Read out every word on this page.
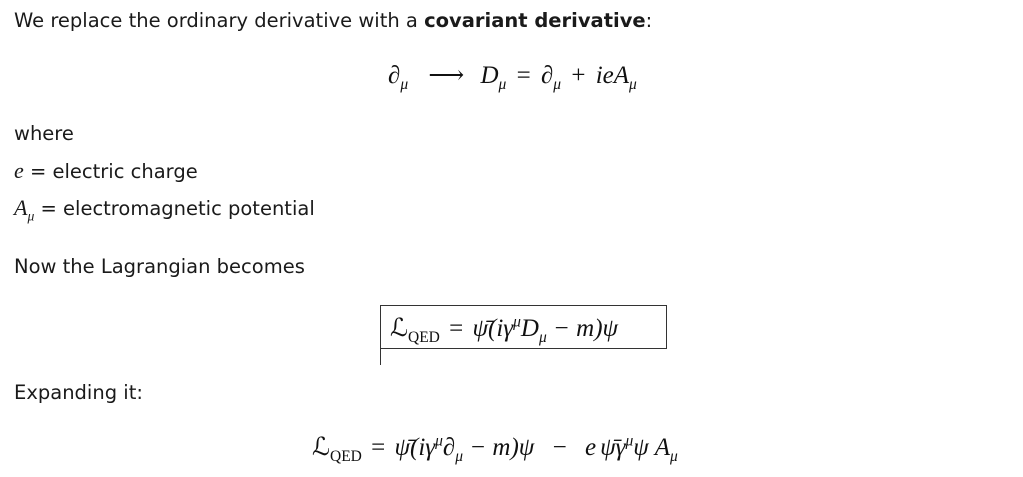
We replace the ordinary derivative with a covariant derivative:
$\partial_\mu$ ⟶ $D_\mu = \partial_\mu + ieA_\mu$
where
e = electric charge
$A_\mu$ = electromagnetic potential
Now the Lagrangian becomes
ℒ$_{QED}$ = $\psī(i\gamma^\mu D_\mu - m)\psi$
Expanding it:
ℒ$_{QED}$ = $\psī(i\gamma^\mu\partial_\mu - m)\psi - e$ $\psī\gamma^\mu\psi$ $A_\mu$
